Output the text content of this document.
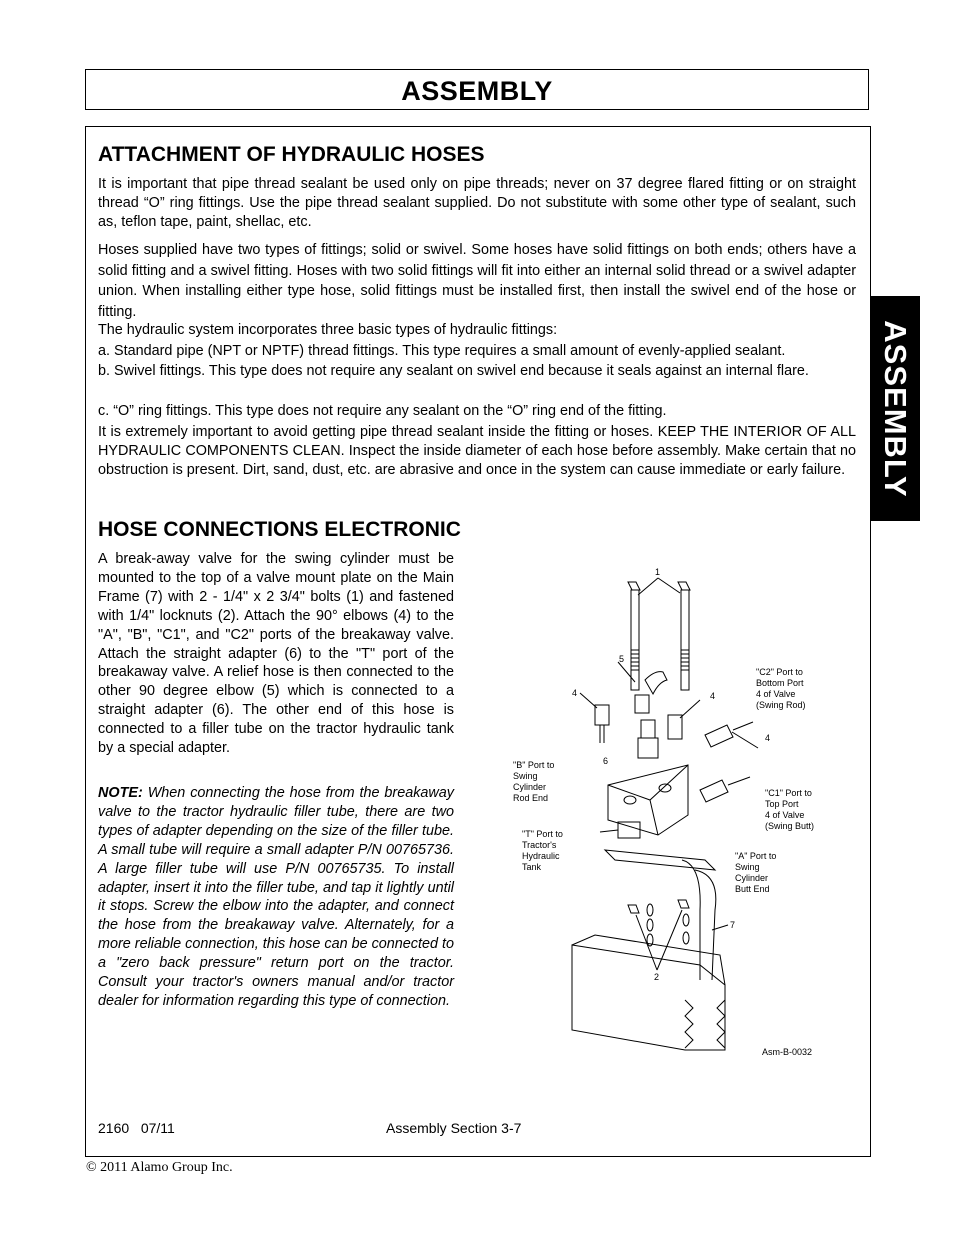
ASSEMBLY
ASSEMBLY
ATTACHMENT OF HYDRAULIC HOSES
It is important that pipe thread sealant be used only on pipe threads; never on 37 degree flared fitting or on straight thread “O” ring fittings. Use the pipe thread sealant supplied. Do not substitute with some other type of sealant, such as, teflon tape, paint, shellac, etc.
Hoses supplied have two types of fittings; solid or swivel. Some hoses have solid fittings on both ends; others have a solid fitting and a swivel fitting. Hoses with two solid fittings will fit into either an internal solid thread or a swivel adapter union. When installing either type hose, solid fittings must be installed first, then install the swivel end of the hose or fitting.
The hydraulic system incorporates three basic types of hydraulic fittings:
a. Standard pipe (NPT or NPTF) thread fittings. This type requires a small amount of evenly-applied sealant.
b. Swivel fittings. This type does not require any sealant on swivel end because it seals against an internal flare.
c. “O” ring fittings. This type does not require any sealant on the “O” ring end of the fitting.
It is extremely important to avoid getting pipe thread sealant inside the fitting or hoses. KEEP THE INTERIOR OF ALL HYDRAULIC COMPONENTS CLEAN. Inspect the inside diameter of each hose before assembly. Make certain that no obstruction is present. Dirt, sand, dust, etc. are abrasive and once in the system can cause immediate or early failure.
HOSE CONNECTIONS ELECTRONIC
A break-away valve for the swing cylinder must be mounted to the top of a valve mount plate on the Main Frame (7) with 2 - 1/4" x 2 3/4" bolts (1) and fastened with 1/4" locknuts (2). Attach the 90° elbows (4) to the "A", "B", "C1", and "C2" ports of the breakaway valve. Attach the straight adapter (6) to the "T" port of the breakaway valve. A relief hose is then connected to the other 90 degree elbow (5) which is connected to a straight adapter (6). The other end of this hose is connected to a filler tube on the tractor hydraulic tank by a special adapter.
NOTE: When connecting the hose from the breakaway valve to the tractor hydraulic filler tube, there are two types of adapter depending on the size of the filler tube. A small tube will require a small adapter P/N 00765736. A large filler tube will use P/N 00765735. To install adapter, insert it into the filler tube, and tap it lightly until it stops. Screw the elbow into the adapter, and connect the hose from the breakaway valve. Alternately, for a more reliable connection, this hose can be connected to a "zero back pressure" return port on the tractor. Consult your tractor's owners manual and/or tractor dealer for information regarding this type of connection.
1
5
4	4
4
6
7
2
"C2" Port to Bottom Port 4 of Valve (Swing Rod)
"B" Port to Swing Cylinder Rod End	"C1" Port to Top Port 4 of Valve (Swing Butt)
"T" Port to Tractor's Hydraulic Tank
"A" Port to Swing Cylinder Butt End
Asm-B-0032
2160   07/11	Assembly Section 3-7
© 2011 Alamo Group Inc.
